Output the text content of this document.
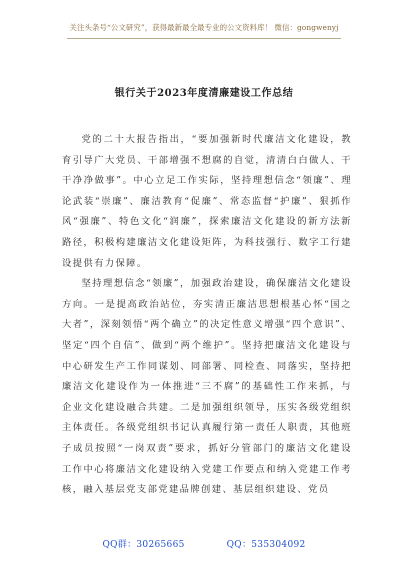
关注头条号“公文研究”，获得最新最全最专业的公文资料库！ 微信：gongwenyj
银行关于2023年度清廉建设工作总结

党的二十大报告指出，“要加强新时代廉洁文化建设，教育引导广大党员、干部增强不想腐的自觉，清清白白做人、干干净净做事”。中心立足工作实际，坚持理想信念“领廉”、理论武装“崇廉”、廉洁教育“促廉”、常态监督“护廉”、狠抓作风“强廉”、特色文化“润廉”，探索廉洁文化建设的新方法新路径，积极构建廉洁文化建设矩阵，为科技强行、数字工行建设提供有力保障。

坚持理想信念“领廉”，加强政治建设，确保廉洁文化建设方向。一是提高政治站位，夯实清正廉洁思想根基心怀“国之大者”，深刻领悟“两个确立”的决定性意义增强“四个意识”、坚定“四个自信”、做到“两个维护”。坚持把廉洁文化建设与中心研发生产工作同谋划、同部署、同检查、同落实，坚持把廉洁文化建设作为一体推进“三不腐”的基础性工作来抓，与企业文化建设融合共建。二是加强组织领导，压实各级党组织主体责任。各级党组织书记认真履行第一责任人职责，其他班子成员按照“一岗双责”要求，抓好分管部门的廉洁文化建设工作中心将廉洁文化建设纳入党建工作要点和纳入党建工作考核，融入基层党支部党建品牌创建、基层组织建设、党员

QQ群：30265665	QQ：535304092
